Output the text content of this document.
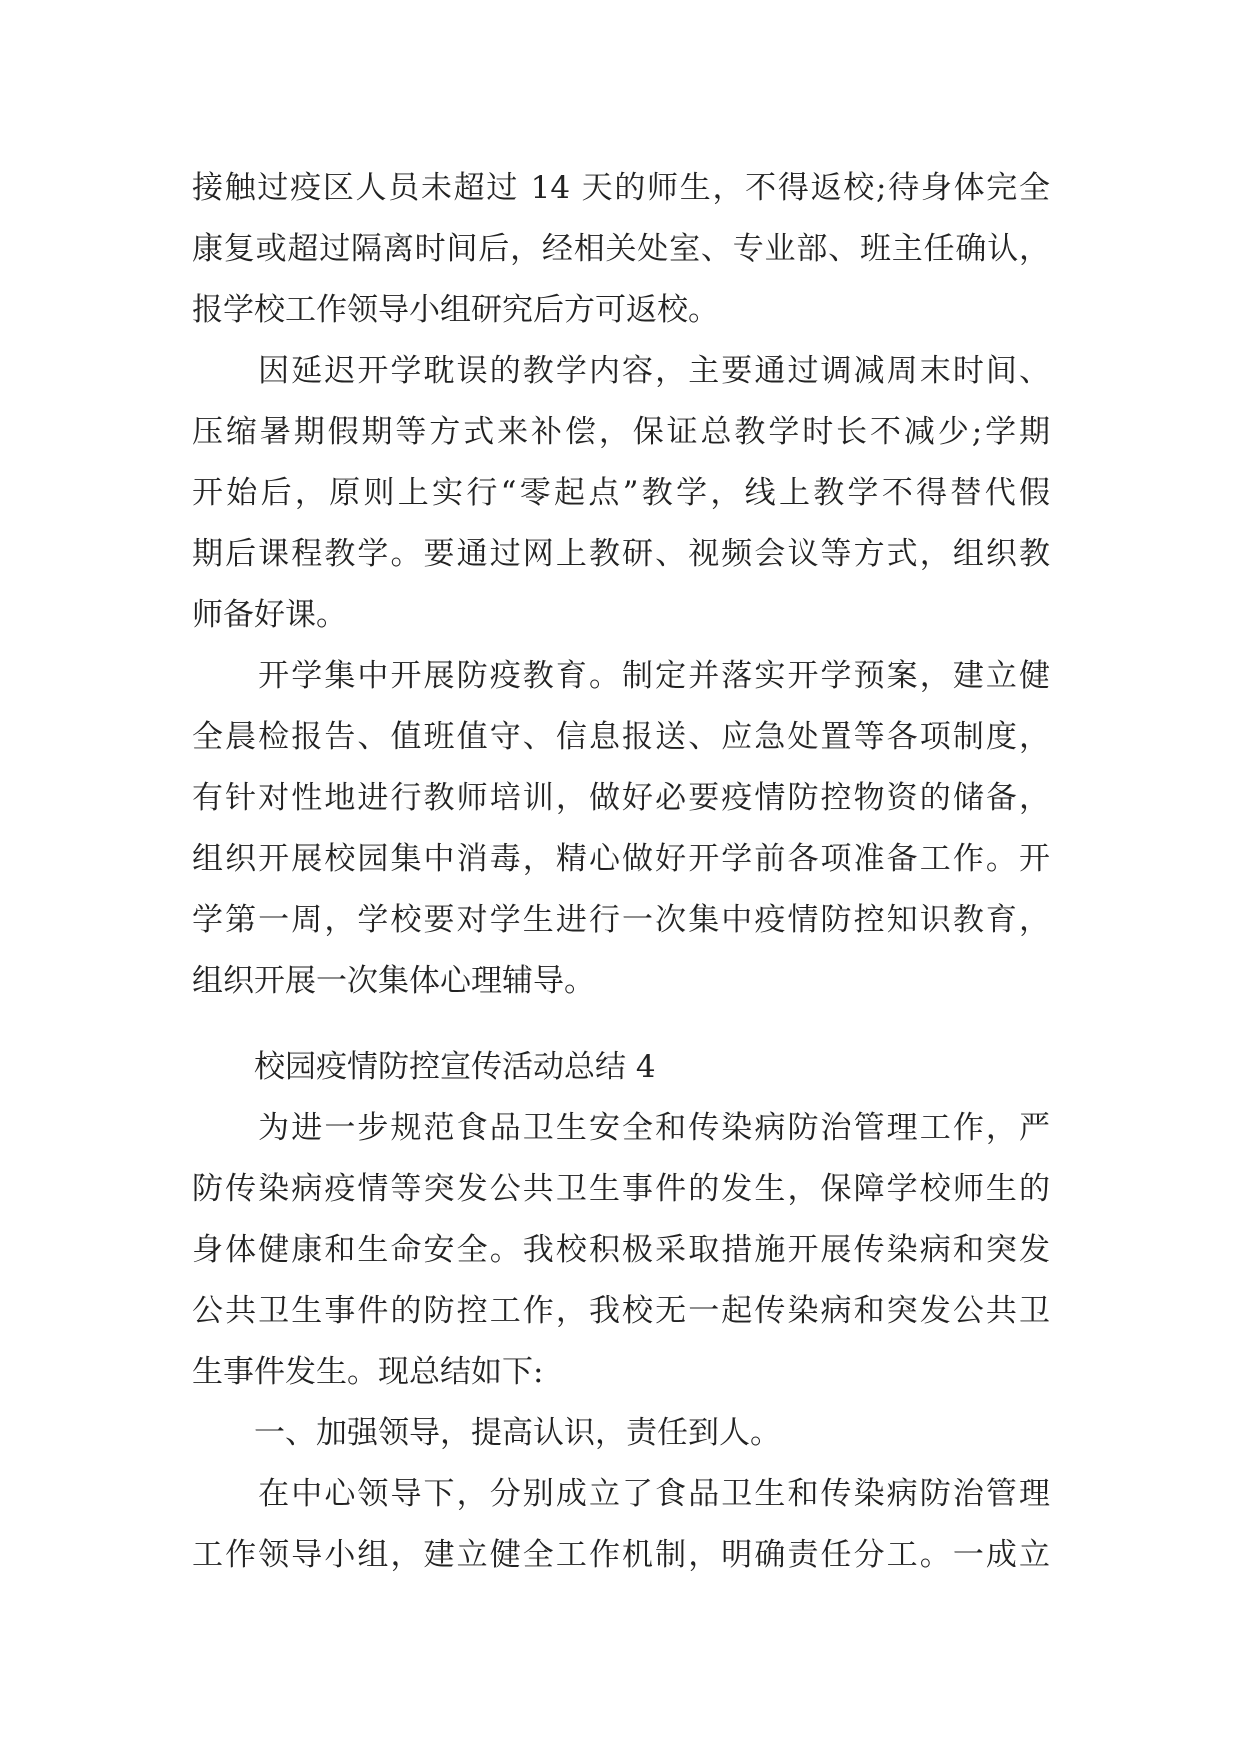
接触过疫区人员未超过 14 天的师生，不得返校;待身体完全
康复或超过隔离时间后，经相关处室、专业部、班主任确认，
报学校工作领导小组研究后方可返校。
　　因延迟开学耽误的教学内容，主要通过调减周末时间、
压缩暑期假期等方式来补偿，保证总教学时长不减少;学期
开始后，原则上实行“零起点”教学，线上教学不得替代假
期后课程教学。要通过网上教研、视频会议等方式，组织教
师备好课。
　　开学集中开展防疫教育。制定并落实开学预案，建立健
全晨检报告、值班值守、信息报送、应急处置等各项制度，
有针对性地进行教师培训，做好必要疫情防控物资的储备，
组织开展校园集中消毒，精心做好开学前各项准备工作。开
学第一周，学校要对学生进行一次集中疫情防控知识教育，
组织开展一次集体心理辅导。
　　校园疫情防控宣传活动总结 4
　　为进一步规范食品卫生安全和传染病防治管理工作，严
防传染病疫情等突发公共卫生事件的发生，保障学校师生的
身体健康和生命安全。我校积极采取措施开展传染病和突发
公共卫生事件的防控工作，我校无一起传染病和突发公共卫
生事件发生。现总结如下:
　　一、加强领导，提高认识，责任到人。
　　在中心领导下，分别成立了食品卫生和传染病防治管理
工作领导小组，建立健全工作机制，明确责任分工。一成立
